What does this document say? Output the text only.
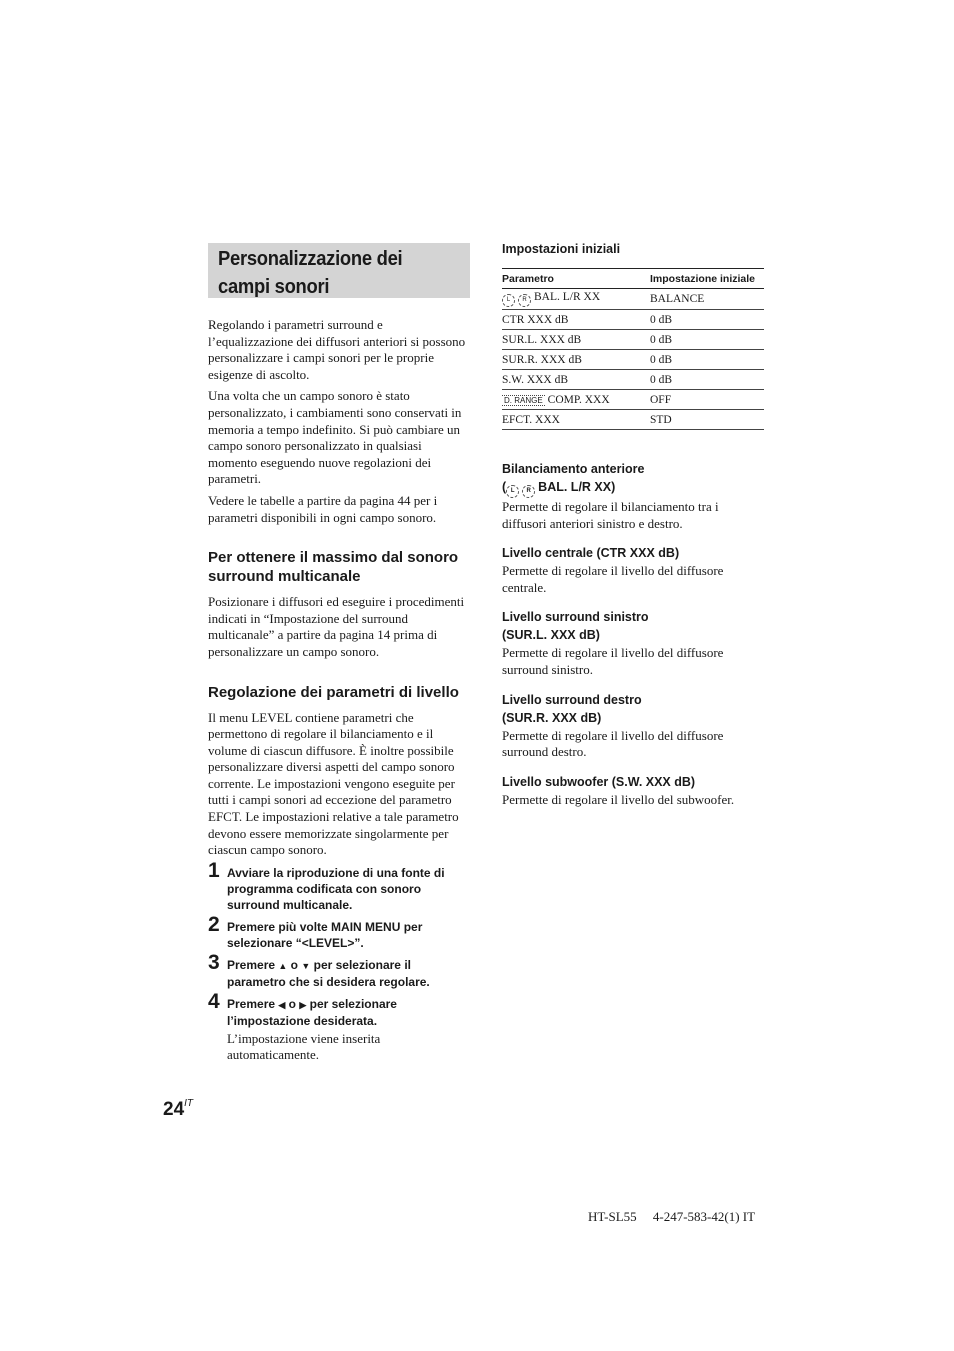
Personalizzazione dei
campi sonori

Regolando i parametri surround e l’equalizzazione dei diffusori anteriori si possono personalizzare i campi sonori per le proprie esigenze di ascolto.

Una volta che un campo sonoro è stato personalizzato, i cambiamenti sono conservati in memoria a tempo indefinito. Si può cambiare un campo sonoro personalizzato in qualsiasi momento eseguendo nuove regolazioni dei parametri.

Vedere le tabelle a partire da pagina 44 per i parametri disponibili in ogni campo sonoro.

Per ottenere il massimo dal sonoro surround multicanale

Posizionare i diffusori ed eseguire i procedimenti indicati in “Impostazione del surround multicanale” a partire da pagina 14 prima di personalizzare un campo sonoro.

Regolazione dei parametri di livello

Il menu LEVEL contiene parametri che permettono di regolare il bilanciamento e il volume di ciascun diffusore. È inoltre possibile personalizzare diversi aspetti del campo sonoro corrente. Le impostazioni vengono eseguite per tutti i campi sonori ad eccezione del parametro EFCT. Le impostazioni relative a tale parametro devono essere memorizzate singolarmente per ciascun campo sonoro.

1 Avviare la riproduzione di una fonte di programma codificata con sonoro surround multicanale.
2 Premere più volte MAIN MENU per selezionare “<LEVEL>”.
3 Premere ▲ o ▼ per selezionare il parametro che si desidera regolare.
4 Premere ◀ o ▶ per selezionare l’impostazione desiderata.
L’impostazione viene inserita automaticamente.
Impostazioni iniziali
Parametro	Impostazione iniziale
L R BAL. L/R XX	BALANCE
CTR XXX dB	0 dB
SUR.L. XXX dB	0 dB
SUR.R. XXX dB	0 dB
S.W. XXX dB	0 dB
D. RANGE COMP. XXX	OFF
EFCT. XXX	STD
Bilanciamento anteriore
( L R BAL. L/R XX)

Permette di regolare il bilanciamento tra i diffusori anteriori sinistro e destro.

Livello centrale (CTR XXX dB)

Permette di regolare il livello del diffusore centrale.

Livello surround sinistro
(SUR.L. XXX dB)

Permette di regolare il livello del diffusore surround sinistro.

Livello surround destro
(SUR.R. XXX dB)

Permette di regolare il livello del diffusore surround destro.

Livello subwoofer (S.W. XXX dB)

Permette di regolare il livello del subwoofer.

$24^{IT}$
HT-SL55     4-247-583-42(1) IT
